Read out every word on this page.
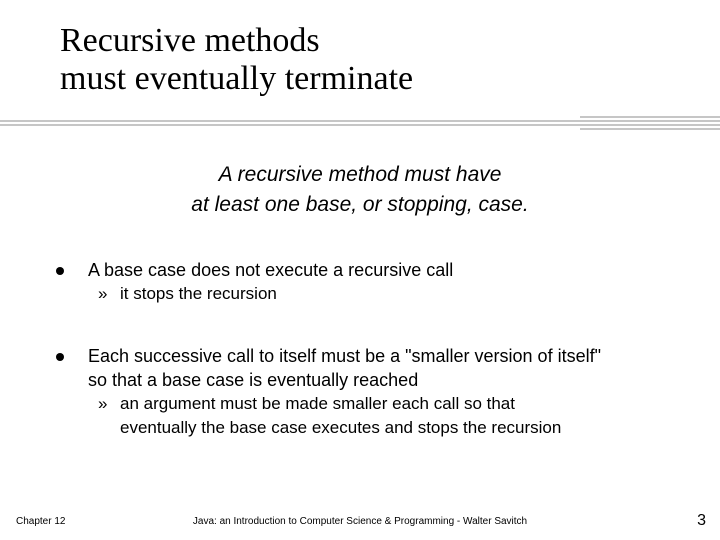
Recursive methods
must eventually terminate
A recursive method must have
at least one base, or stopping, case.
A base case does not execute a recursive call
» it stops the recursion
Each successive call to itself must be a "smaller version of itself"
so that a base case is eventually reached
» an argument must be made smaller each call so that
eventually the base case executes and stops the recursion
Chapter 12	Java: an Introduction to Computer Science & Programming - Walter Savitch	3
